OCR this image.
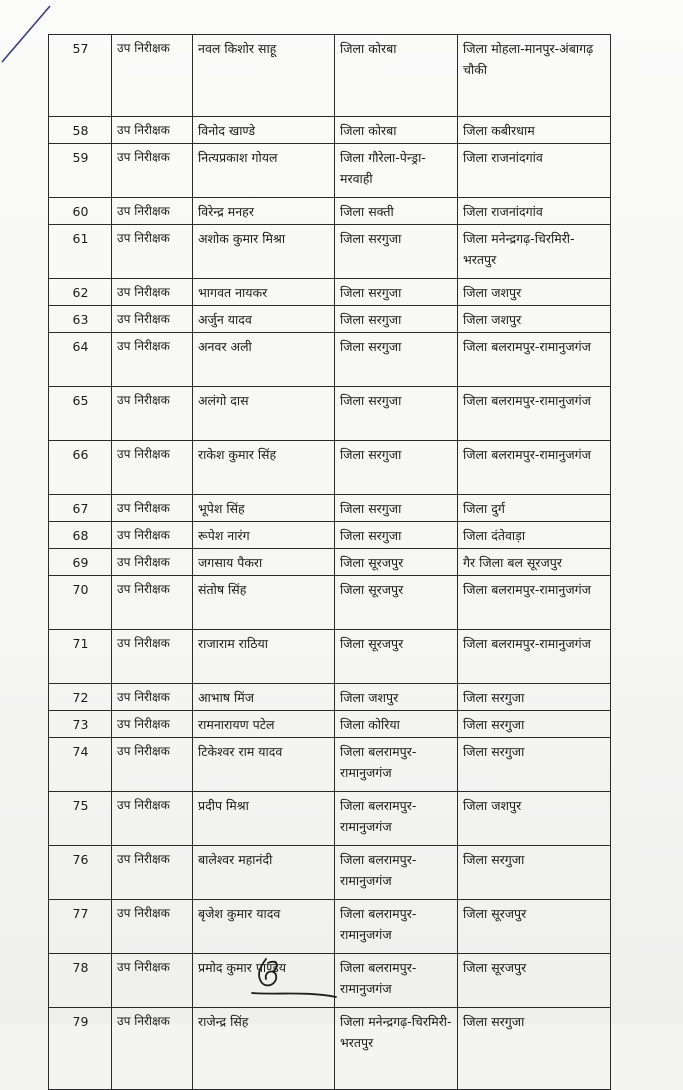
57	उप निरीक्षक	नवल किशोर साहू	जिला कोरबा	जिला मोहला-मानपुर-अंबागढ़ चौकी
58	उप निरीक्षक	विनोद खाण्डे	जिला कोरबा	जिला कबीरधाम
59	उप निरीक्षक	नित्यप्रकाश गोयल	जिला गौरेला-पेन्ड्रा-मरवाही	जिला राजनांदगांव
60	उप निरीक्षक	विरेन्द्र मनहर	जिला सक्ती	जिला राजनांदगांव
61	उप निरीक्षक	अशोक कुमार मिश्रा	जिला सरगुजा	जिला मनेन्द्रगढ़-चिरमिरी-भरतपुर
62	उप निरीक्षक	भागवत नायकर	जिला सरगुजा	जिला जशपुर
63	उप निरीक्षक	अर्जुन यादव	जिला सरगुजा	जिला जशपुर
64	उप निरीक्षक	अनवर अली	जिला सरगुजा	जिला बलरामपुर-रामानुजगंज
65	उप निरीक्षक	अलंगो दास	जिला सरगुजा	जिला बलरामपुर-रामानुजगंज
66	उप निरीक्षक	राकेश कुमार सिंह	जिला सरगुजा	जिला बलरामपुर-रामानुजगंज
67	उप निरीक्षक	भूपेश सिंह	जिला सरगुजा	जिला दुर्ग
68	उप निरीक्षक	रूपेश नारंग	जिला सरगुजा	जिला दंतेवाड़ा
69	उप निरीक्षक	जगसाय पैकरा	जिला सूरजपुर	गैर जिला बल सूरजपुर
70	उप निरीक्षक	संतोष सिंह	जिला सूरजपुर	जिला बलरामपुर-रामानुजगंज
71	उप निरीक्षक	राजाराम राठिया	जिला सूरजपुर	जिला बलरामपुर-रामानुजगंज
72	उप निरीक्षक	आभाष मिंज	जिला जशपुर	जिला सरगुजा
73	उप निरीक्षक	रामनारायण पटेल	जिला कोरिया	जिला सरगुजा
74	उप निरीक्षक	टिकेश्वर राम यादव	जिला बलरामपुर-रामानुजगंज	जिला सरगुजा
75	उप निरीक्षक	प्रदीप मिश्रा	जिला बलरामपुर-रामानुजगंज	जिला जशपुर
76	उप निरीक्षक	बालेश्वर महानंदी	जिला बलरामपुर-रामानुजगंज	जिला सरगुजा
77	उप निरीक्षक	बृजेश कुमार यादव	जिला बलरामपुर-रामानुजगंज	जिला सूरजपुर
78	उप निरीक्षक	प्रमोद कुमार पाण्डेय	जिला बलरामपुर-रामानुजगंज	जिला सूरजपुर
79	उप निरीक्षक	राजेन्द्र सिंह	जिला मनेन्द्रगढ़-चिरमिरी-भरतपुर	जिला सरगुजा
